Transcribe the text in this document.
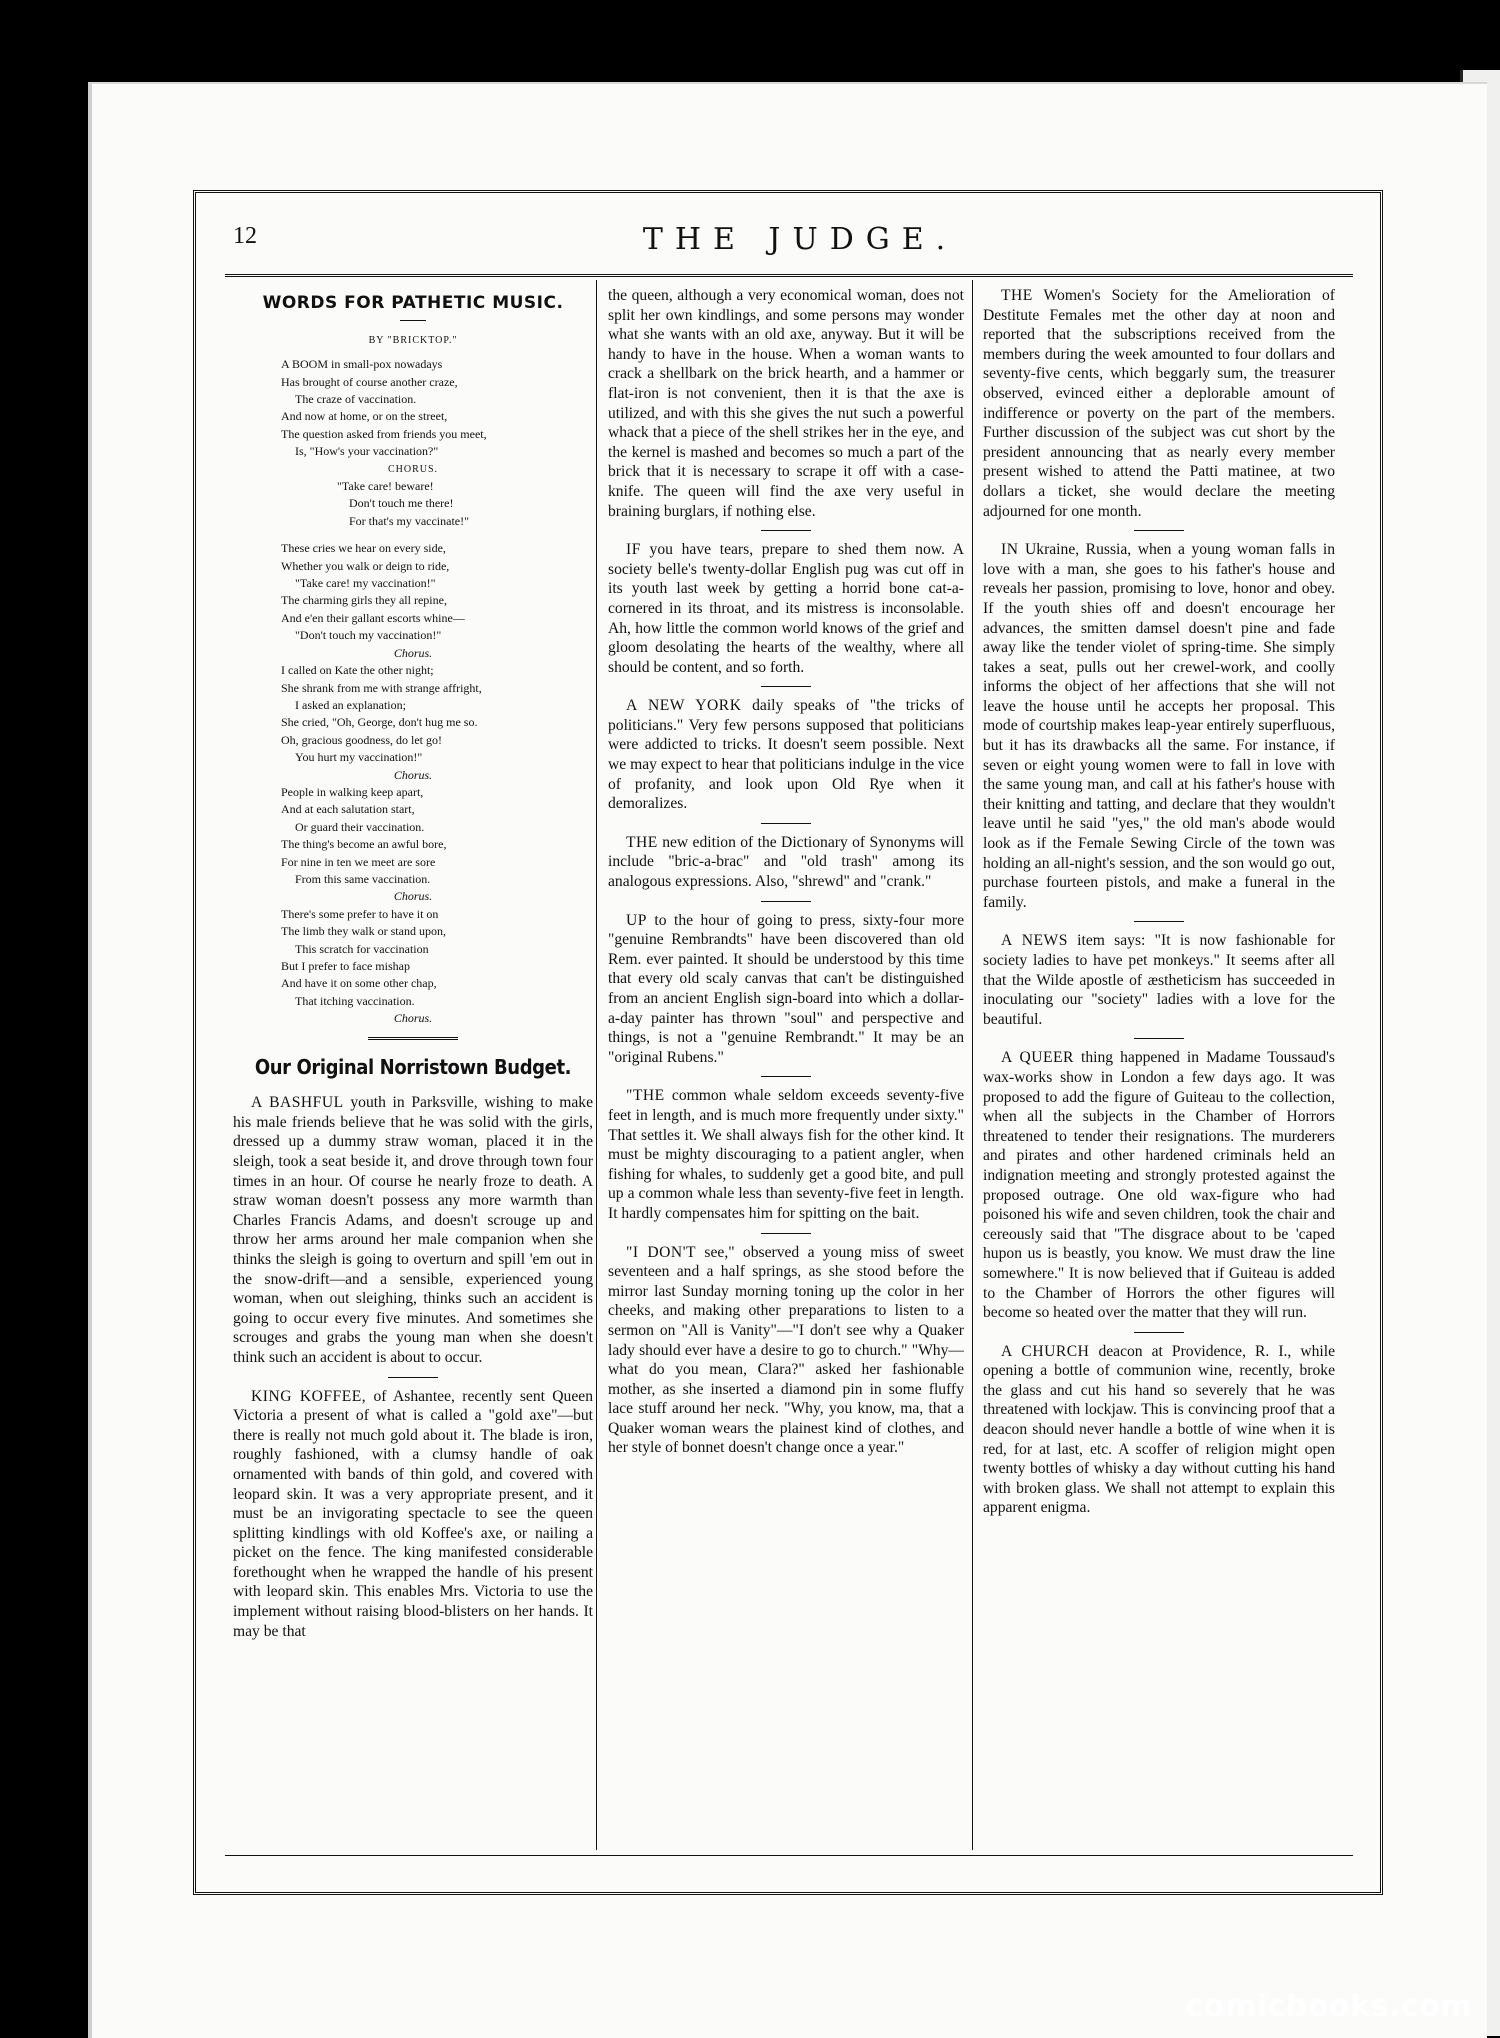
12	THE JUDGE.
WORDS FOR PATHETIC MUSIC.
BY "BRICKTOP."
A BOOM in small-pox nowadays
Has brought of course another craze,
The craze of vaccination.
And now at home, or on the street,
The question asked from friends you meet,
Is, "How's your vaccination?"
CHORUS.
"Take care! beware!
Don't touch me there!
For that's my vaccinate!"
These cries we hear on every side,
Whether you walk or deign to ride,
"Take care! my vaccination!"
The charming girls they all repine,
And e'en their gallant escorts whine—
"Don't touch my vaccination!"
Chorus.
I called on Kate the other night;
She shrank from me with strange affright,
I asked an explanation;
She cried, "Oh, George, don't hug me so.
Oh, gracious goodness, do let go!
You hurt my vaccination!"
Chorus.
People in walking keep apart,
And at each salutation start,
Or guard their vaccination.
The thing's become an awful bore,
For nine in ten we meet are sore
From this same vaccination.
Chorus.
There's some prefer to have it on
The limb they walk or stand upon,
This scratch for vaccination
But I prefer to face mishap
And have it on some other chap,
That itching vaccination.
Chorus.
Our Original Norristown Budget.

A BASHFUL youth in Parksville, wishing to make his male friends believe that he was solid with the girls, dressed up a dummy straw woman, placed it in the sleigh, took a seat beside it, and drove through town four times in an hour. Of course he nearly froze to death. A straw woman doesn't possess any more warmth than Charles Francis Adams, and doesn't scrouge up and throw her arms around her male companion when she thinks the sleigh is going to overturn and spill 'em out in the snow-drift—and a sensible, experienced young woman, when out sleighing, thinks such an accident is going to occur every five minutes. And sometimes she scrouges and grabs the young man when she doesn't think such an accident is about to occur.

KING KOFFEE, of Ashantee, recently sent Queen Victoria a present of what is called a "gold axe"—but there is really not much gold about it. The blade is iron, roughly fashioned, with a clumsy handle of oak ornamented with bands of thin gold, and covered with leopard skin. It was a very appropriate present, and it must be an invigorating spectacle to see the queen splitting kindlings with old Koffee's axe, or nailing a picket on the fence. The king manifested considerable forethought when he wrapped the handle of his present with leopard skin. This enables Mrs. Victoria to use the implement without raising blood-blisters on her hands. It may be that

the queen, although a very economical woman, does not split her own kindlings, and some persons may wonder what she wants with an old axe, anyway. But it will be handy to have in the house. When a woman wants to crack a shellbark on the brick hearth, and a hammer or flat-iron is not convenient, then it is that the axe is utilized, and with this she gives the nut such a powerful whack that a piece of the shell strikes her in the eye, and the kernel is mashed and becomes so much a part of the brick that it is necessary to scrape it off with a case-knife. The queen will find the axe very useful in braining burglars, if nothing else.

IF you have tears, prepare to shed them now. A society belle's twenty-dollar English pug was cut off in its youth last week by getting a horrid bone cat-a-cornered in its throat, and its mistress is inconsolable. Ah, how little the common world knows of the grief and gloom desolating the hearts of the wealthy, where all should be content, and so forth.

A NEW YORK daily speaks of "the tricks of politicians." Very few persons supposed that politicians were addicted to tricks. It doesn't seem possible. Next we may expect to hear that politicians indulge in the vice of profanity, and look upon Old Rye when it demoralizes.

THE new edition of the Dictionary of Synonyms will include "bric-a-brac" and "old trash" among its analogous expressions. Also, "shrewd" and "crank."

UP to the hour of going to press, sixty-four more "genuine Rembrandts" have been discovered than old Rem. ever painted. It should be understood by this time that every old scaly canvas that can't be distinguished from an ancient English sign-board into which a dollar-a-day painter has thrown "soul" and perspective and things, is not a "genuine Rembrandt." It may be an "original Rubens."

"THE common whale seldom exceeds seventy-five feet in length, and is much more frequently under sixty." That settles it. We shall always fish for the other kind. It must be mighty discouraging to a patient angler, when fishing for whales, to suddenly get a good bite, and pull up a common whale less than seventy-five feet in length. It hardly compensates him for spitting on the bait.

"I DON'T see," observed a young miss of sweet seventeen and a half springs, as she stood before the mirror last Sunday morning toning up the color in her cheeks, and making other preparations to listen to a sermon on "All is Vanity"—"I don't see why a Quaker lady should ever have a desire to go to church." "Why—what do you mean, Clara?" asked her fashionable mother, as she inserted a diamond pin in some fluffy lace stuff around her neck. "Why, you know, ma, that a Quaker woman wears the plainest kind of clothes, and her style of bonnet doesn't change once a year."

THE Women's Society for the Amelioration of Destitute Females met the other day at noon and reported that the subscriptions received from the members during the week amounted to four dollars and seventy-five cents, which beggarly sum, the treasurer observed, evinced either a deplorable amount of indifference or poverty on the part of the members. Further discussion of the subject was cut short by the president announcing that as nearly every member present wished to attend the Patti matinee, at two dollars a ticket, she would declare the meeting adjourned for one month.

IN Ukraine, Russia, when a young woman falls in love with a man, she goes to his father's house and reveals her passion, promising to love, honor and obey. If the youth shies off and doesn't encourage her advances, the smitten damsel doesn't pine and fade away like the tender violet of spring-time. She simply takes a seat, pulls out her crewel-work, and coolly informs the object of her affections that she will not leave the house until he accepts her proposal. This mode of courtship makes leap-year entirely superfluous, but it has its drawbacks all the same. For instance, if seven or eight young women were to fall in love with the same young man, and call at his father's house with their knitting and tatting, and declare that they wouldn't leave until he said "yes," the old man's abode would look as if the Female Sewing Circle of the town was holding an all-night's session, and the son would go out, purchase fourteen pistols, and make a funeral in the family.

A NEWS item says: "It is now fashionable for society ladies to have pet monkeys." It seems after all that the Wilde apostle of æstheticism has succeeded in inoculating our "society" ladies with a love for the beautiful.

A QUEER thing happened in Madame Toussaud's wax-works show in London a few days ago. It was proposed to add the figure of Guiteau to the collection, when all the subjects in the Chamber of Horrors threatened to tender their resignations. The murderers and pirates and other hardened criminals held an indignation meeting and strongly protested against the proposed outrage. One old wax-figure who had poisoned his wife and seven children, took the chair and cereously said that "The disgrace about to be 'caped hupon us is beastly, you know. We must draw the line somewhere." It is now believed that if Guiteau is added to the Chamber of Horrors the other figures will become so heated over the matter that they will run.

A CHURCH deacon at Providence, R. I., while opening a bottle of communion wine, recently, broke the glass and cut his hand so severely that he was threatened with lockjaw. This is convincing proof that a deacon should never handle a bottle of wine when it is red, for at last, etc. A scoffer of religion might open twenty bottles of whisky a day without cutting his hand with broken glass. We shall not attempt to explain this apparent enigma.

comicbooks.com
